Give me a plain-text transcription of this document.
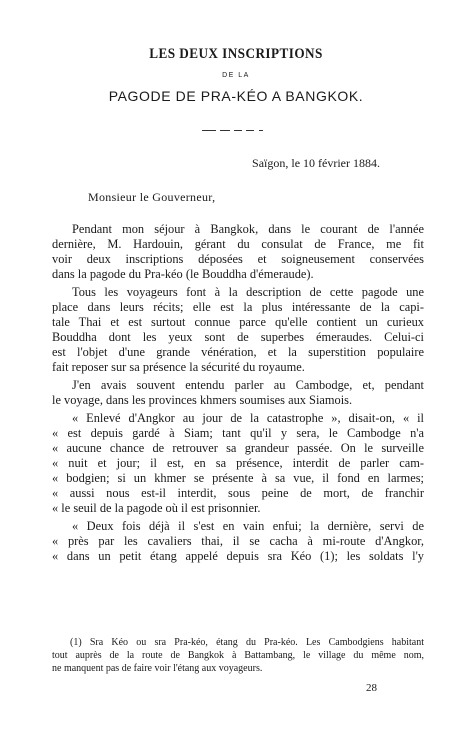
LES DEUX INSCRIPTIONS
DE LA
PAGODE DE PRA-KÉO A BANGKOK.
Saïgon, le 10 février 1884.
Monsieur le Gouverneur,
Pendant mon séjour à Bangkok, dans le courant de l'année
dernière, M. Hardouin, gérant du consulat de France, me fit
voir deux inscriptions déposées et soigneusement conservées
dans la pagode du Pra-kéo (le Bouddha d'émeraude).
Tous les voyageurs font à la description de cette pagode une
place dans leurs récits; elle est la plus intéressante de la capi-
tale Thai et est surtout connue parce qu'elle contient un curieux
Bouddha dont les yeux sont de superbes émeraudes. Celui-ci
est l'objet d'une grande vénération, et la superstition populaire
fait reposer sur sa présence la sécurité du royaume.
J'en avais souvent entendu parler au Cambodge, et, pendant
le voyage, dans les provinces khmers soumises aux Siamois.
« Enlevé d'Angkor au jour de la catastrophe », disait-on, « il
« est depuis gardé à Siam; tant qu'il y sera, le Cambodge n'a
« aucune chance de retrouver sa grandeur passée. On le surveille
« nuit et jour; il est, en sa présence, interdit de parler cam-
« bodgien; si un khmer se présente à sa vue, il fond en larmes;
« aussi nous est-il interdit, sous peine de mort, de franchir
« le seuil de la pagode où il est prisonnier.
« Deux fois déjà il s'est en vain enfui; la dernière, servi de
« près par les cavaliers thai, il se cacha à mi-route d'Angkor,
« dans un petit étang appelé depuis sra Kéo (1); les soldats l'y
(1) Sra Kéo ou sra Pra-kéo, étang du Pra-kéo. Les Cambodgiens habitant
tout auprès de la route de Bangkok à Battambang, le village du même nom,
ne manquent pas de faire voir l'étang aux voyageurs.
28
